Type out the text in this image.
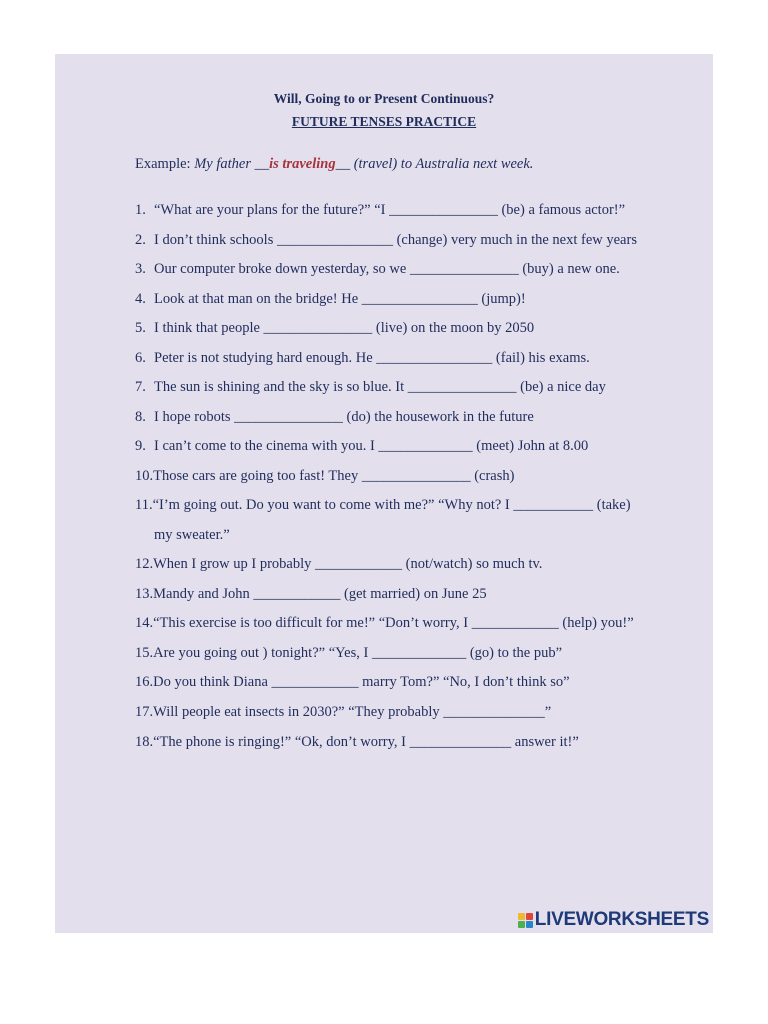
Will, Going to or Present Continuous?
FUTURE TENSES PRACTICE
Example: My father __is traveling__ (travel) to Australia next week.
1. “What are your plans for the future?” “I _______________ (be) a famous actor!”
2. I don’t think schools ________________ (change) very much in the next few years
3. Our computer broke down yesterday, so we _______________ (buy) a new one.
4. Look at that man on the bridge! He ________________ (jump)!
5. I think that people _______________ (live) on the moon by 2050
6. Peter is not studying hard enough. He ________________ (fail) his exams.
7. The sun is shining and the sky is so blue. It _______________ (be) a nice day
8. I hope robots _______________ (do) the housework in the future
9. I can’t come to the cinema with you. I _____________ (meet) John at 8.00
10. Those cars are going too fast! They _______________ (crash)
11. “I’m going out. Do you want to come with me?” “Why not? I ___________ (take)
my sweater.”
12. When I grow up I probably ____________ (not/watch) so much tv.
13. Mandy and John ____________ (get married) on June 25
14. “This exercise is too difficult for me!” “Don’t worry, I ____________ (help) you!”
15. Are you going out ) tonight?” “Yes, I _____________ (go) to the pub”
16. Do you think Diana ____________ marry Tom?” “No, I don’t think so”
17. Will people eat insects in 2030?” “They probably ______________”
18. “The phone is ringing!” “Ok, don’t worry, I ______________ answer it!”
LIVEWORKSHEETS
